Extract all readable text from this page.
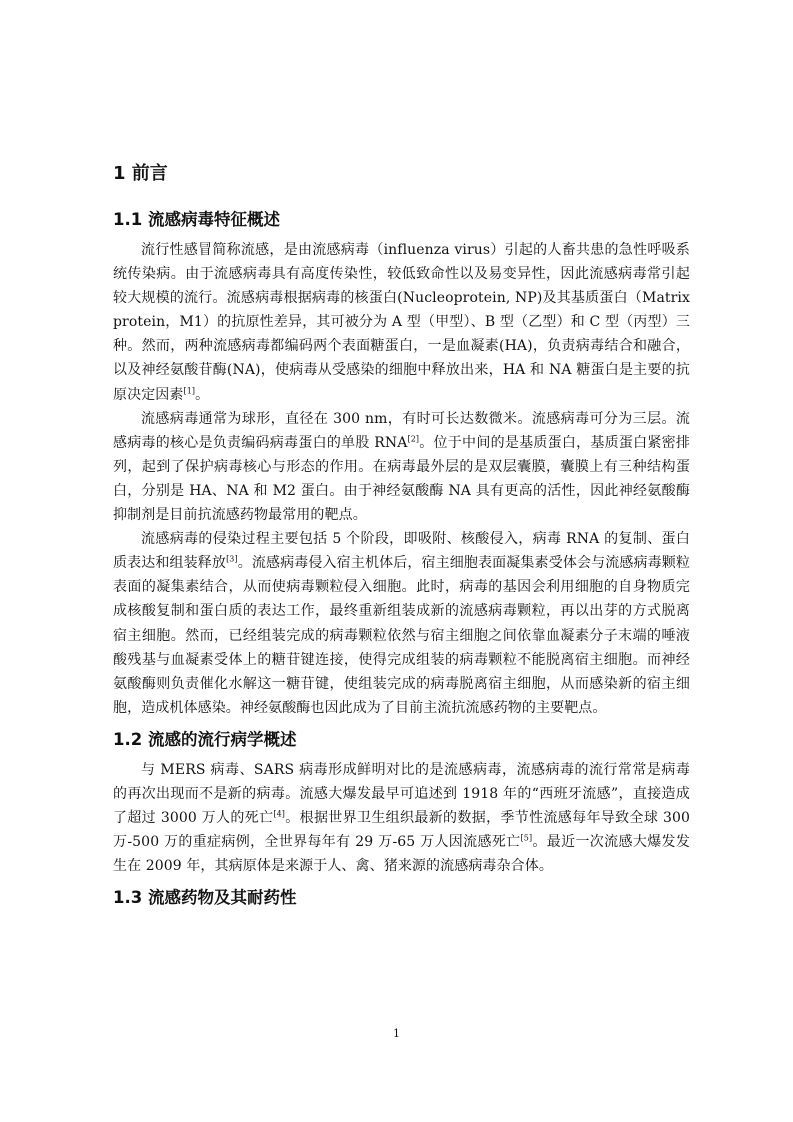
1 前言
1.1 流感病毒特征概述

流行性感冒简称流感，是由流感病毒（influenza virus）引起的人畜共患的急性呼吸系统传染病。由于流感病毒具有高度传染性，较低致命性以及易变异性，因此流感病毒常引起较大规模的流行。流感病毒根据病毒的核蛋白(Nucleoprotein, NP)及其基质蛋白（Matrix protein，M1）的抗原性差异，其可被分为 A 型（甲型）、B 型（乙型）和 C 型（丙型）三种。然而，两种流感病毒都编码两个表面糖蛋白，一是血凝素(HA)，负责病毒结合和融合，以及神经氨酸苷酶(NA)，使病毒从受感染的细胞中释放出来，HA 和 NA 糖蛋白是主要的抗原决定因素[1]。

流感病毒通常为球形，直径在 300 nm，有时可长达数微米。流感病毒可分为三层。流感病毒的核心是负责编码病毒蛋白的单股 RNA[2]。位于中间的是基质蛋白，基质蛋白紧密排列，起到了保护病毒核心与形态的作用。在病毒最外层的是双层囊膜，囊膜上有三种结构蛋白，分别是 HA、NA 和 M2 蛋白。由于神经氨酸酶 NA 具有更高的活性，因此神经氨酸酶抑制剂是目前抗流感药物最常用的靶点。

流感病毒的侵染过程主要包括 5 个阶段，即吸附、核酸侵入，病毒 RNA 的复制、蛋白质表达和组装释放[3]。流感病毒侵入宿主机体后，宿主细胞表面凝集素受体会与流感病毒颗粒表面的凝集素结合，从而使病毒颗粒侵入细胞。此时，病毒的基因会利用细胞的自身物质完成核酸复制和蛋白质的表达工作，最终重新组装成新的流感病毒颗粒，再以出芽的方式脱离宿主细胞。然而，已经组装完成的病毒颗粒依然与宿主细胞之间依靠血凝素分子末端的唾液酸残基与血凝素受体上的糖苷键连接，使得完成组装的病毒颗粒不能脱离宿主细胞。而神经氨酸酶则负责催化水解这一糖苷键，使组装完成的病毒脱离宿主细胞，从而感染新的宿主细胞，造成机体感染。神经氨酸酶也因此成为了目前主流抗流感药物的主要靶点。

1.2 流感的流行病学概述

与 MERS 病毒、SARS 病毒形成鲜明对比的是流感病毒，流感病毒的流行常常是病毒的再次出现而不是新的病毒。流感大爆发最早可追述到 1918 年的“西班牙流感”，直接造成了超过 3000 万人的死亡[4]。根据世界卫生组织最新的数据，季节性流感每年导致全球 300 万-500 万的重症病例，全世界每年有 29 万-65 万人因流感死亡[5]。最近一次流感大爆发发生在 2009 年，其病原体是来源于人、禽、猪来源的流感病毒杂合体。

1.3 流感药物及其耐药性
1
